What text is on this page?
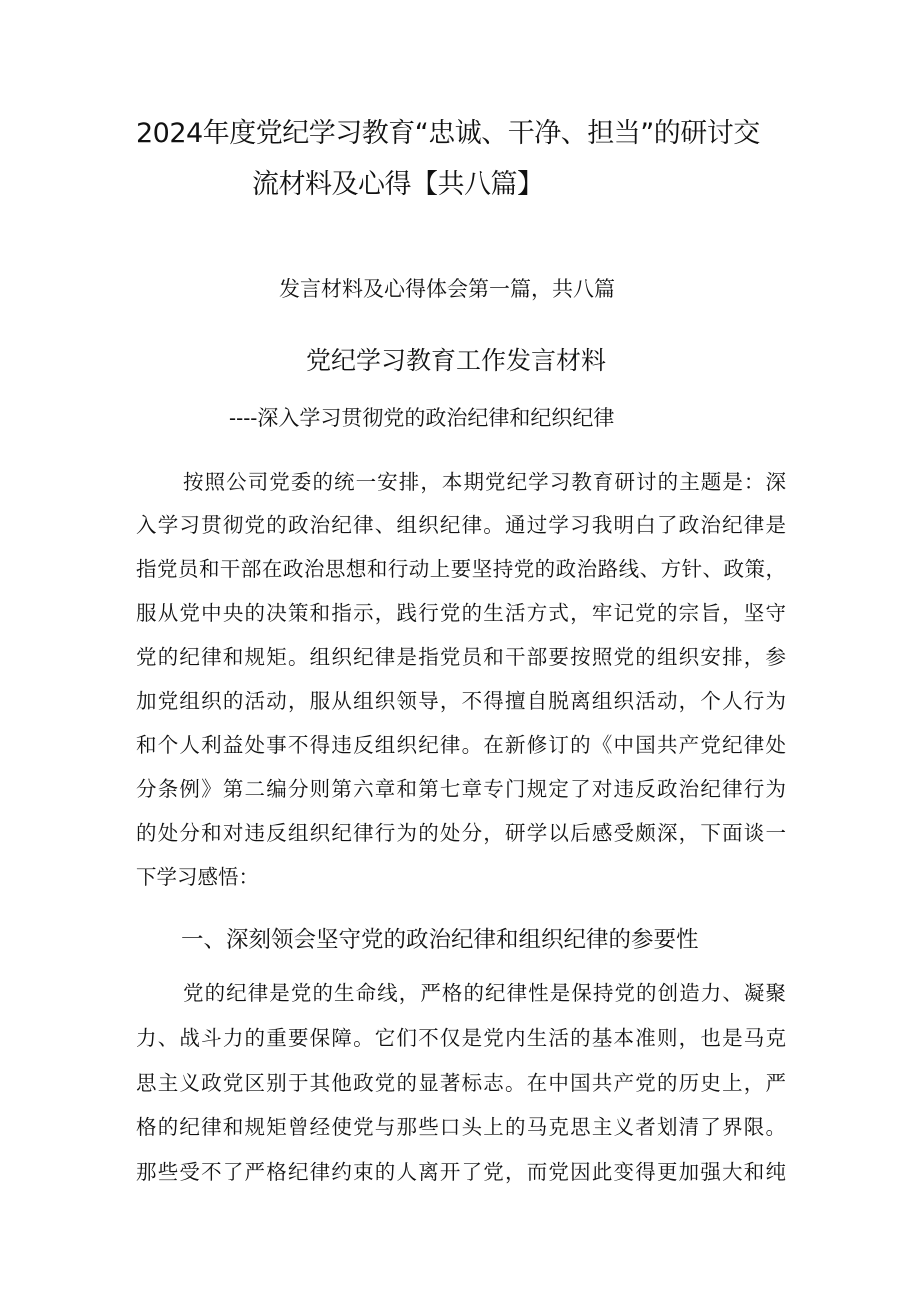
2024年度党纪学习教育“忠诚、干净、担当”的研讨交
流材料及心得【共八篇】
发言材料及心得体会第一篇，共八篇
党纪学习教育工作发言材料
----深入学习贯彻党的政治纪律和纪织纪律
按照公司党委的统一安排，本期党纪学习教育研讨的主题是：深
入学习贯彻党的政治纪律、组织纪律。通过学习我明白了政治纪律是
指党员和干部在政治思想和行动上要坚持党的政治路线、方针、政策，
服从党中央的决策和指示，践行党的生活方式，牢记党的宗旨，坚守
党的纪律和规矩。组织纪律是指党员和干部要按照党的组织安排，参
加党组织的活动，服从组织领导，不得擅自脱离组织活动，个人行为
和个人利益处事不得违反组织纪律。在新修订的《中国共产党纪律处
分条例》第二编分则第六章和第七章专门规定了对违反政治纪律行为
的处分和对违反组织纪律行为的处分，研学以后感受颇深，下面谈一
下学习感悟：
一、深刻领会坚守党的政治纪律和组织纪律的参要性
党的纪律是党的生命线，严格的纪律性是保持党的创造力、凝聚
力、战斗力的重要保障。它们不仅是党内生活的基本准则，也是马克
思主义政党区别于其他政党的显著标志。在中国共产党的历史上，严
格的纪律和规矩曾经使党与那些口头上的马克思主义者划清了界限。
那些受不了严格纪律约束的人离开了党，而党因此变得更加强大和纯
